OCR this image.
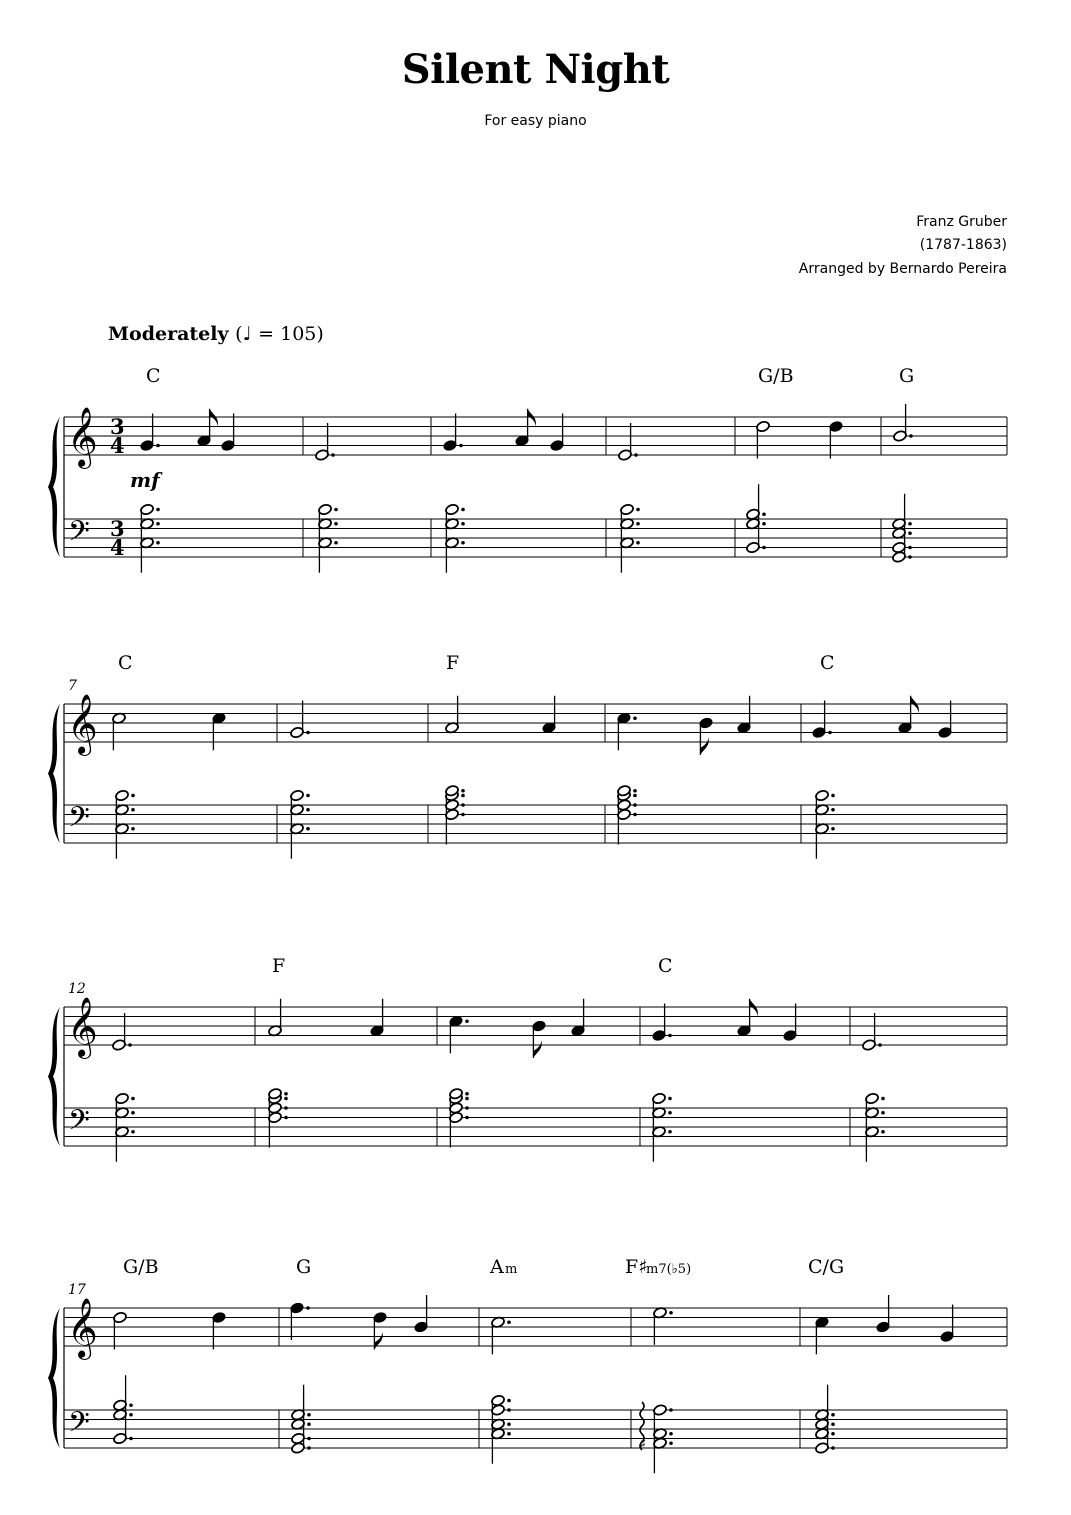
Silent Night
For easy piano
Franz Gruber
(1787-1863)
Arranged by Bernardo Pereira
Moderately (♩ = 105)
𝄞
𝄢
C	G/B	G
3
4
3
4
mf
𝄞
𝄢
C	F	C
7
𝄞
𝄢
F	C
12
𝄞
𝄢	♯
G/B	G	A m	F♯
m7(♭5)	C/G
17
